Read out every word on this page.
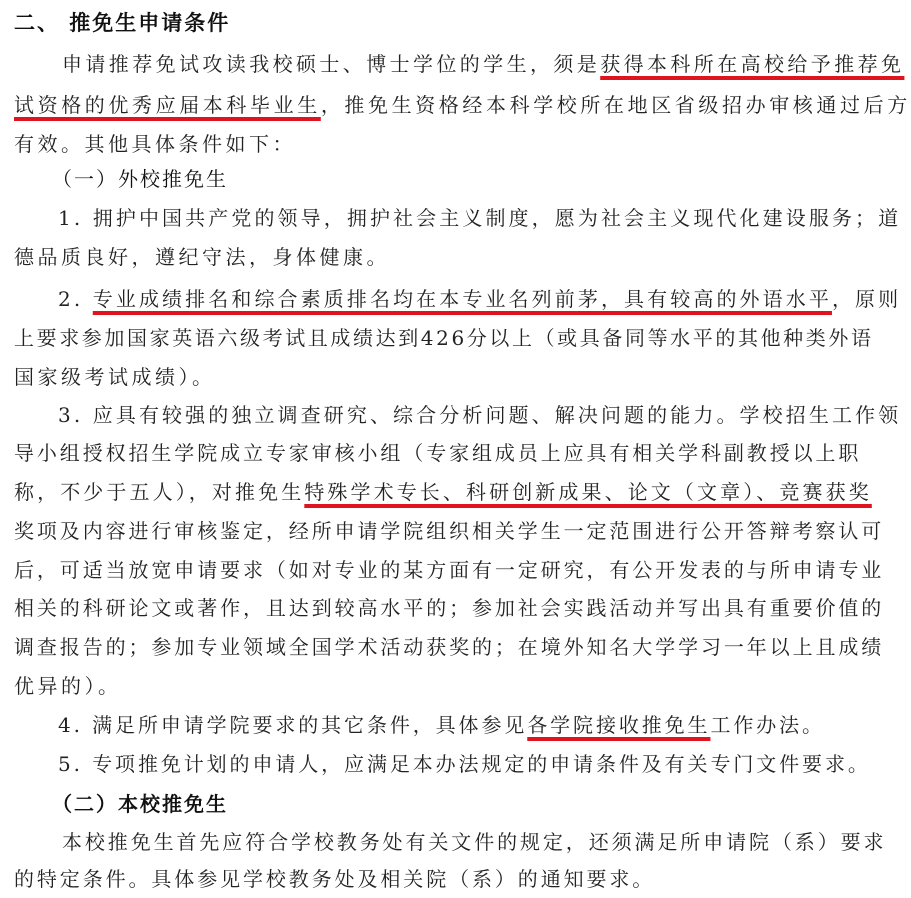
二、 推免生申请条件
申请推荐免试攻读我校硕士、博士学位的学生，须是获得本科所在高校给予推荐免
试资格的优秀应届本科毕业生，推免生资格经本科学校所在地区省级招办审核通过后方
有效。其他具体条件如下：
（一）外校推免生
1. 拥护中国共产党的领导，拥护社会主义制度，愿为社会主义现代化建设服务；道
德品质良好，遵纪守法，身体健康。
2. 专业成绩排名和综合素质排名均在本专业名列前茅，具有较高的外语水平，原则
上要求参加国家英语六级考试且成绩达到426分以上（或具备同等水平的其他种类外语
国家级考试成绩）。
3. 应具有较强的独立调查研究、综合分析问题、解决问题的能力。学校招生工作领
导小组授权招生学院成立专家审核小组（专家组成员上应具有相关学科副教授以上职
称，不少于五人），对推免生特殊学术专长、科研创新成果、论文（文章）、竞赛获奖
奖项及内容进行审核鉴定，经所申请学院组织相关学生一定范围进行公开答辩考察认可
后，可适当放宽申请要求（如对专业的某方面有一定研究，有公开发表的与所申请专业
相关的科研论文或著作，且达到较高水平的；参加社会实践活动并写出具有重要价值的
调查报告的；参加专业领域全国学术活动获奖的；在境外知名大学学习一年以上且成绩
优异的）。
4. 满足所申请学院要求的其它条件，具体参见各学院接收推免生工作办法。
5. 专项推免计划的申请人，应满足本办法规定的申请条件及有关专门文件要求。
（二）本校推免生
本校推免生首先应符合学校教务处有关文件的规定，还须满足所申请院（系）要求
的特定条件。具体参见学校教务处及相关院（系）的通知要求。
